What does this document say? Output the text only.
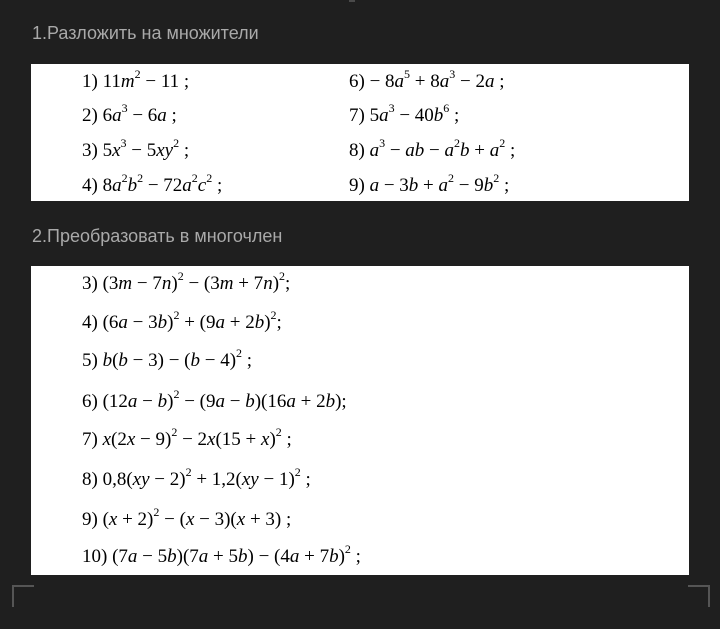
1.Разложить на множители
1) $11m^2 - 11$ ;
2) $6a^3 - 6a$ ;
3) $5x^3 - 5xy^2$ ;
4) $8a^2b^2 - 72a^2c^2$ ;
$6) - 8a^5 + 8a^3 - 2a$ ;
7) $5a^3 - 40b^6$ ;
8) $a^3$ − ab − $a^2b + a^2$ ;
9) $a - 3b + a^2 - 9b^2$ ;
2.Преобразовать в многочлен
3) $(3m - 7n)^2 - (3m + 7n)^2$;
4) $(6a - 3b)^2 + (9a + 2b)^2$;
5) $b(b - 3) - (b - 4)^2$ ;
6) $(12a - b)^2 - (9a - b)(16a + 2b)$;
7) $x(2x - 9)^2 - 2x(15 + x)^2$ ;
8) 0,8(xy − 2)$^2$ + 1,2(xy − 1)$^2$ ;
9) $(x + 2)^2 - (x - 3)(x + 3)$ ;
10) $(7a - 5b)(7a + 5b) - (4a + 7b)^2$ ;
